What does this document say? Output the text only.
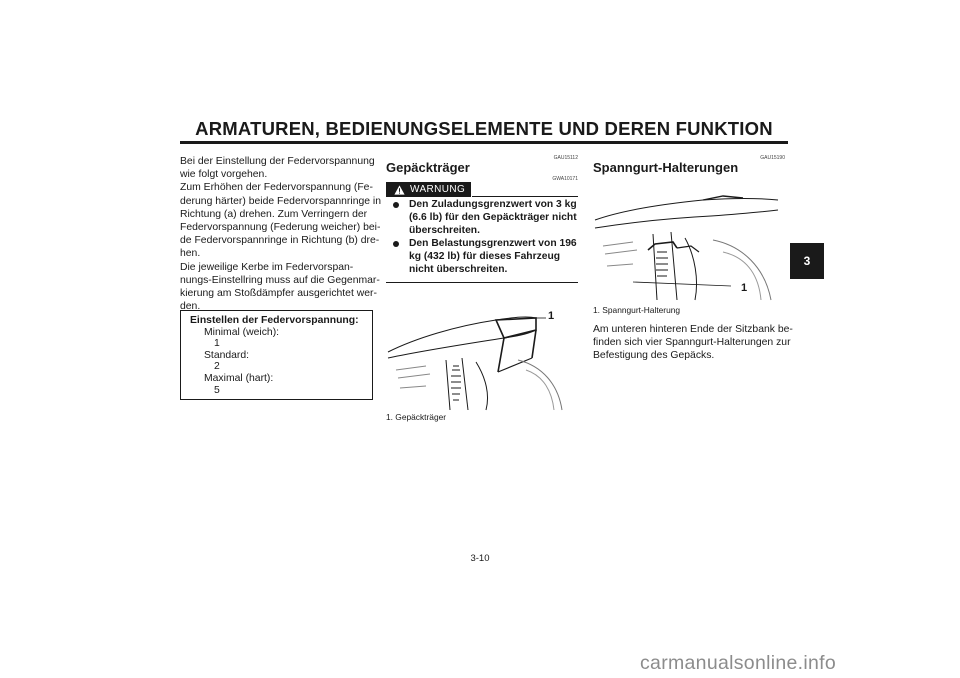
ARMATUREN, BEDIENUNGSELEMENTE UND DEREN FUNKTION
3

Bei der Einstellung der Federvorspannung

wie folgt vorgehen.

Zum Erhöhen der Federvorspannung (Fe-

derung härter) beide Federvorspannringe in

Richtung (a) drehen. Zum Verringern der

Federvorspannung (Federung weicher) bei-

de Federvorspannringe in Richtung (b) dre-

hen.

Die jeweilige Kerbe im Federvorspan-

nungs-Einstellring muss auf die Gegenmar-

kierung am Stoßdämpfer ausgerichtet wer-

den.

Einstellen der Federvorspannung:
Minimal (weich):
1
Standard:
2
Maximal (hart):
5
GAU15112
Gepäckträger
GWA10171
WARNUNG
Den Zuladungsgrenzwert von 3 kg
(6.6 lb) für den Gepäckträger nicht
überschreiten.
Den Belastungsgrenzwert von 196
kg (432 lb) für dieses Fahrzeug
nicht überschreiten.
1
1. Gepäckträger
GAU15190
Spanngurt-Halterungen
1
1. Spanngurt-Halterung

Am unteren hinteren Ende der Sitzbank be-

finden sich vier Spanngurt-Halterungen zur

Befestigung des Gepäcks.

3-10
carmanualsonline.info
